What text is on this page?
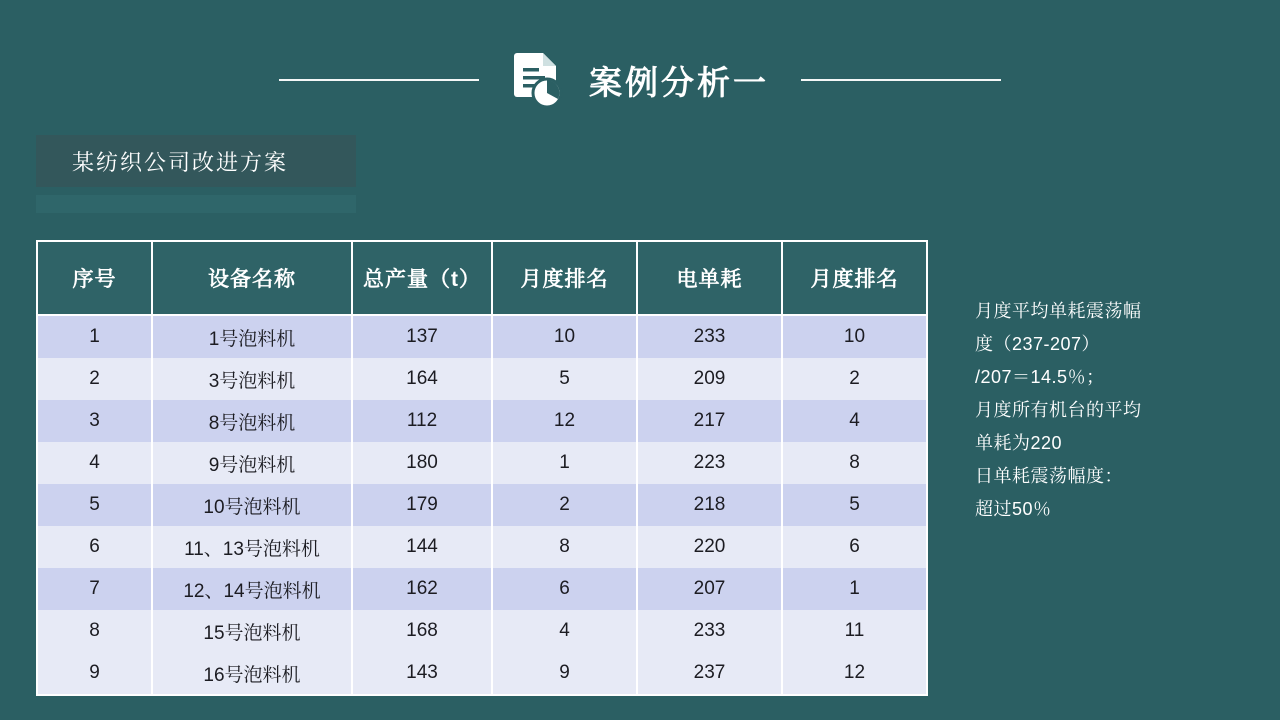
案例分析一
某纺织公司改进方案
序号	设备名称	总产量（t）	月度排名	电单耗	月度排名
1	1号泡料机	137	10	233	10
2	3号泡料机	164	5	209	2
3	8号泡料机	112	12	217	4
4	9号泡料机	180	1	223	8
5	10号泡料机	179	2	218	5
6	11、13号泡料机	144	8	220	6
7	12、14号泡料机	162	6	207	1
8	15号泡料机	168	4	233	11
9	16号泡料机	143	9	237	12

月度平均单耗震荡幅

度（237-207）

/207＝14.5％；

月度所有机台的平均

单耗为220

日单耗震荡幅度：

超过50％
